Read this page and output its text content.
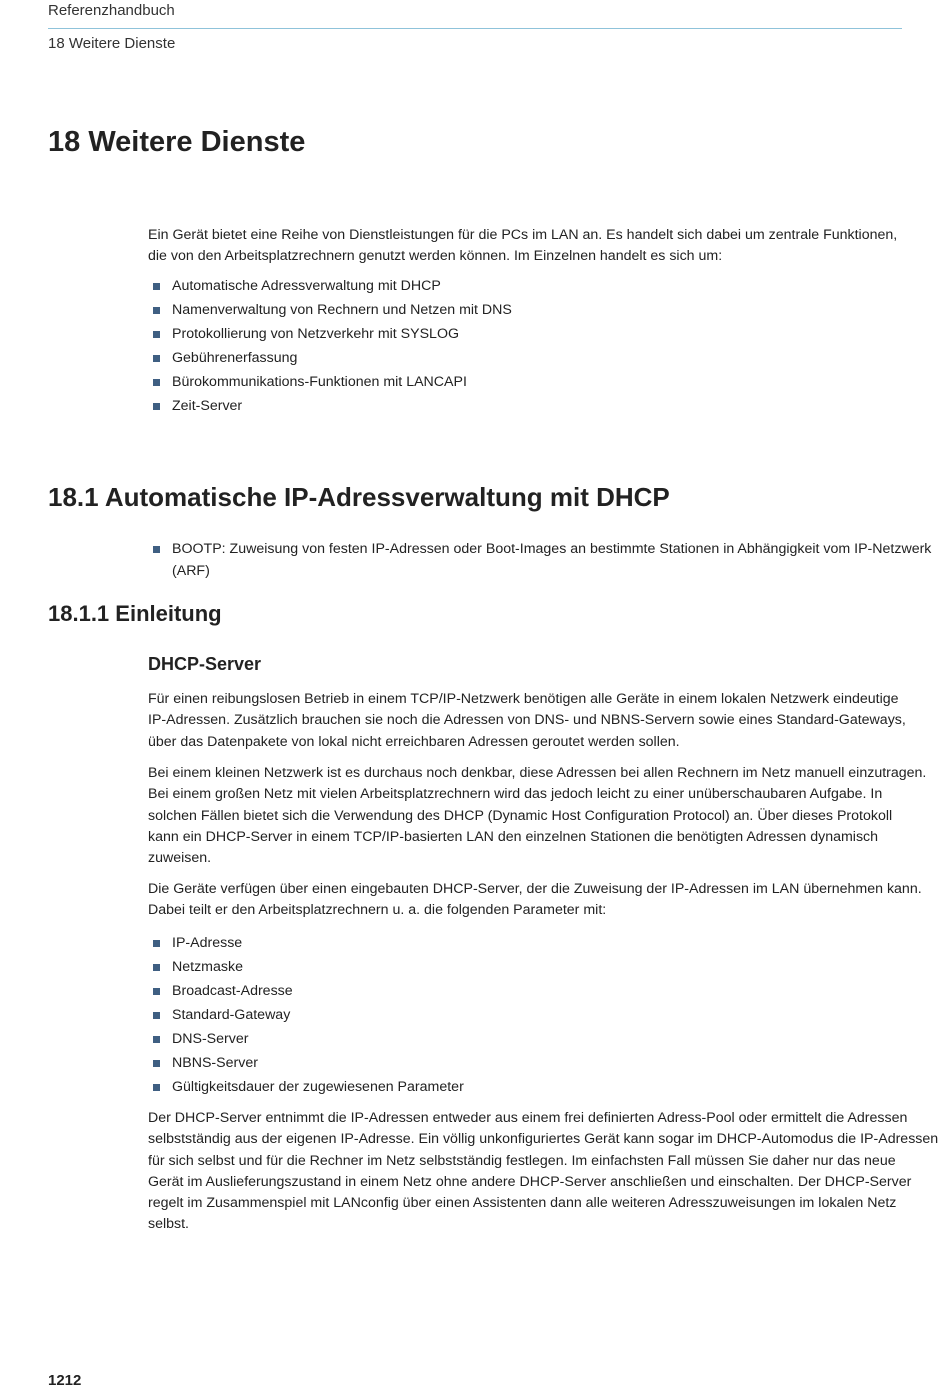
Referenzhandbuch
18 Weitere Dienste
18 Weitere Dienste

Ein Gerät bietet eine Reihe von Dienstleistungen für die PCs im LAN an. Es handelt sich dabei um zentrale Funktionen,
die von den Arbeitsplatzrechnern genutzt werden können. Im Einzelnen handelt es sich um:

Automatische Adressverwaltung mit DHCP
Namenverwaltung von Rechnern und Netzen mit DNS
Protokollierung von Netzverkehr mit SYSLOG
Gebührenerfassung
Bürokommunikations-Funktionen mit LANCAPI
Zeit-Server
18.1 Automatische IP-Adressverwaltung mit DHCP
BOOTP: Zuweisung von festen IP-Adressen oder Boot-Images an bestimmte Stationen in Abhängigkeit vom IP-Netzwerk
(ARF)
18.1.1 Einleitung
DHCP-Server

Für einen reibungslosen Betrieb in einem TCP/IP-Netzwerk benötigen alle Geräte in einem lokalen Netzwerk eindeutige
IP-Adressen. Zusätzlich brauchen sie noch die Adressen von DNS- und NBNS-Servern sowie eines Standard-Gateways,
über das Datenpakete von lokal nicht erreichbaren Adressen geroutet werden sollen.

Bei einem kleinen Netzwerk ist es durchaus noch denkbar, diese Adressen bei allen Rechnern im Netz manuell einzutragen.
Bei einem großen Netz mit vielen Arbeitsplatzrechnern wird das jedoch leicht zu einer unüberschaubaren Aufgabe. In
solchen Fällen bietet sich die Verwendung des DHCP (Dynamic Host Configuration Protocol) an. Über dieses Protokoll
kann ein DHCP-Server in einem TCP/IP-basierten LAN den einzelnen Stationen die benötigten Adressen dynamisch
zuweisen.

Die Geräte verfügen über einen eingebauten DHCP-Server, der die Zuweisung der IP-Adressen im LAN übernehmen kann.
Dabei teilt er den Arbeitsplatzrechnern u. a. die folgenden Parameter mit:

IP-Adresse
Netzmaske
Broadcast-Adresse
Standard-Gateway
DNS-Server
NBNS-Server
Gültigkeitsdauer der zugewiesenen Parameter

Der DHCP-Server entnimmt die IP-Adressen entweder aus einem frei definierten Adress-Pool oder ermittelt die Adressen
selbstständig aus der eigenen IP-Adresse. Ein völlig unkonfiguriertes Gerät kann sogar im DHCP-Automodus die IP-Adressen
für sich selbst und für die Rechner im Netz selbstständig festlegen. Im einfachsten Fall müssen Sie daher nur das neue
Gerät im Auslieferungszustand in einem Netz ohne andere DHCP-Server anschließen und einschalten. Der DHCP-Server
regelt im Zusammenspiel mit LANconfig über einen Assistenten dann alle weiteren Adresszuweisungen im lokalen Netz
selbst.

1212
